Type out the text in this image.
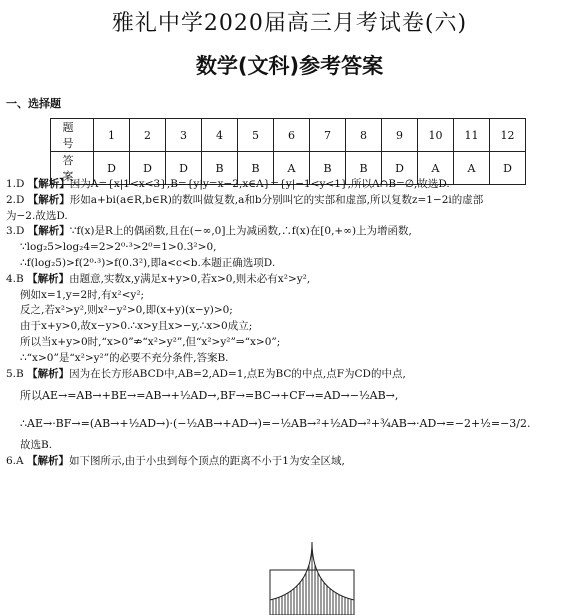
雅礼中学2020届高三月考试卷(六)
数学(文科)参考答案
一、选择题
题 号	1	2	3	4	5	6	7	8	9	10	11	12
答 案	D	D	D	B	B	A	B	B	D	A	A	D
1.D 【解析】因为A={x|1<x<3},B={y|y=x−2,x∈A}={y|−1<y<1},所以A∩B=∅,故选D.
2.D 【解析】形如a+bi(a∈R,b∈R)的数叫做复数,a和b分别叫它的实部和虚部,所以复数z=1−2i的虚部
为−2.故选D.
3.D 【解析】∵f(x)是R上的偶函数,且在(−∞,0]上为减函数,∴f(x)在[0,+∞)上为增函数,
∵log₂5>log₂4=2>2⁰·³>2⁰=1>0.3²>0,
∴f(log₂5)>f(2⁰·³)>f(0.3²),即a<c<b.本题正确选项D.
4.B 【解析】由题意,实数x,y满足x+y>0,若x>0,则未必有x²>y²,
例如x=1,y=2时,有x²<y²;
反之,若x²>y²,则x²−y²>0,即(x+y)(x−y)>0;
由于x+y>0,故x−y>0.∴x>y且x>−y,∴x>0成立;
所以当x+y>0时,“x>0”⇏“x²>y²”,但“x²>y²”⇒“x>0”;
∴“x>0”是“x²>y²”的必要不充分条件,答案B.
5.B 【解析】因为在长方形ABCD中,AB=2,AD=1,点E为BC的中点,点F为CD的中点,
所以AE→=AB→+BE→=AB→+½AD→,BF→=BC→+CF→=AD→−½AB→,
∴AE→·BF→=(AB→+½AD→)·(−½AB→+AD→)=−½AB→²+½AD→²+¾AB→·AD→=−2+½=−3/2.
故选B.
6.A 【解析】如下图所示,由于小虫到每个顶点的距离不小于1为安全区域,
